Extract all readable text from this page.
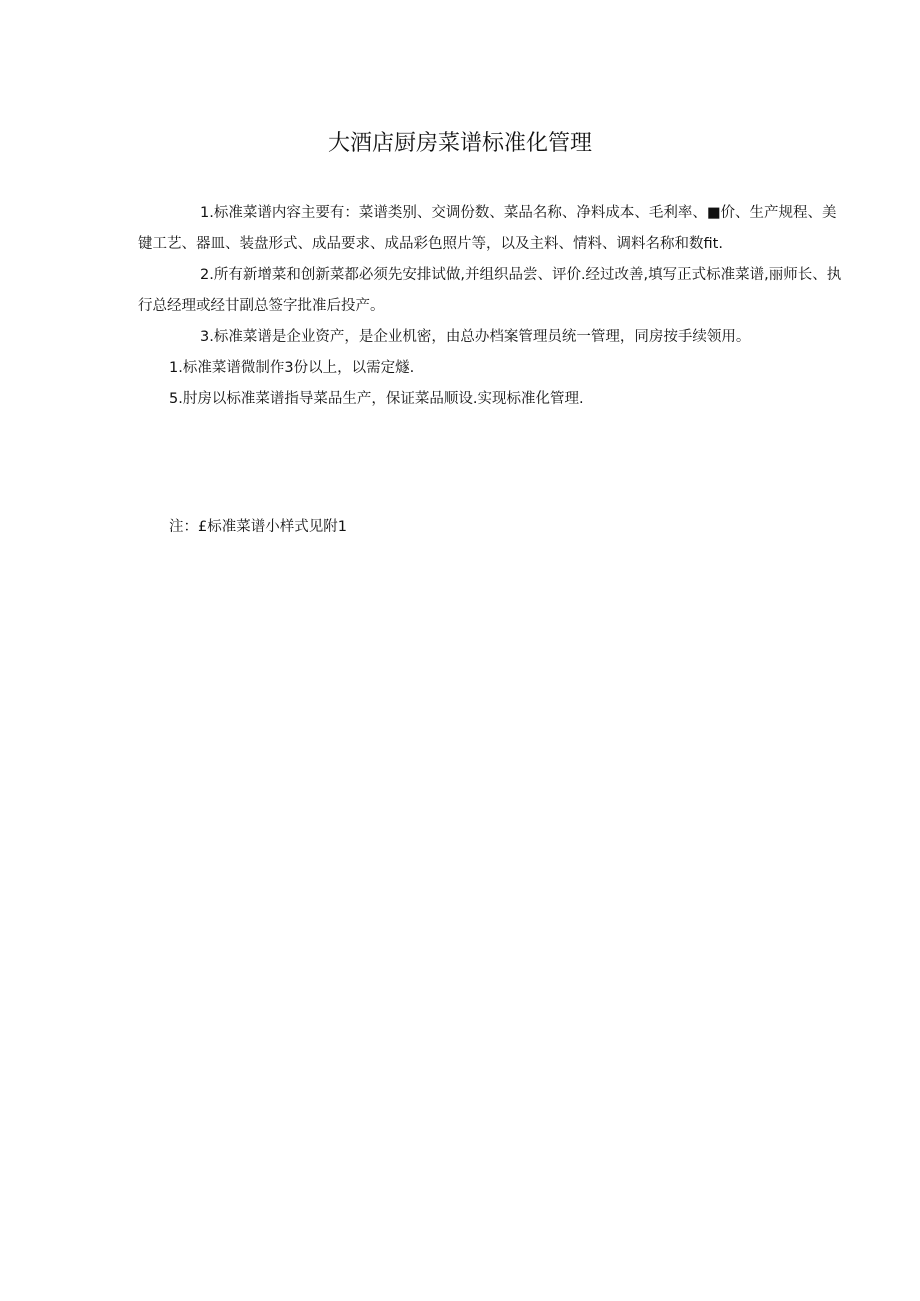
大酒店厨房菜谱标准化管理

1.标准菜谱内容主要有：菜谱类别、交调份数、菜品名称、净料成本、毛利率、■价、生产规程、美键工艺、器皿、装盘形式、成品要求、成品彩色照片等，以及主料、情料、调料名称和数fit.

2.所有新增菜和创新菜都必须先安排试做,并组织品尝、评价.经过改善,填写正式标准菜谱,丽师长、执行总经理或经甘副总签字批准后投产。

3.标准菜谱是企业资产，是企业机密，由总办档案管理员统一管理，同房按手续领用。

1.标准菜谱微制作3份以上，以需定燧.

5.肘房以标准菜谱指导菜品生产，保证菜品顺设.实现标准化管理.

注：£标准菜谱小样式见附1
